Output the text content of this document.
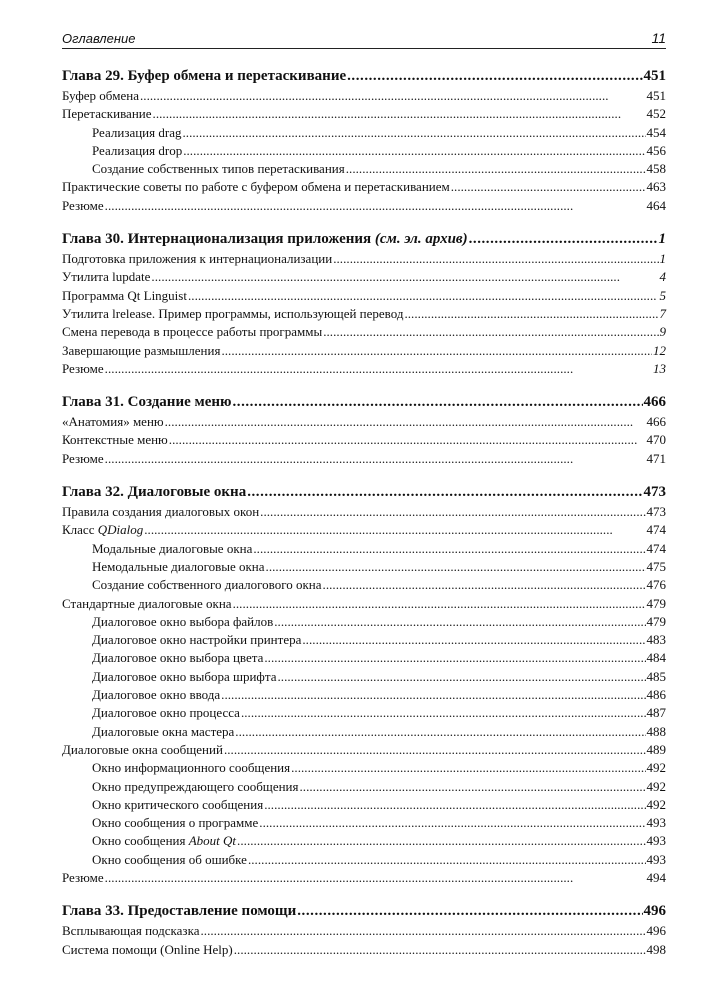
Оглавление	11
Глава 29. Буфер обмена и перетаскивание . . .	451
Буфер обмена . . .	451
Перетаскивание . . .	452
Реализация drag . . .	454
Реализация drop . . .	456
Создание собственных типов перетаскивания . . .	458
Практические советы по работе с буфером обмена и перетаскиванием . . .	463
Резюме . . .	464
Глава 30. Интернационализация приложения (см. эл. архив) . . .	1
Подготовка приложения к интернационализации . . .	1
Утилита lupdate . . .	4
Программа Qt Linguist . . .	5
Утилита lrelease. Пример программы, использующей перевод . . .	7
Смена перевода в процессе работы программы . . .	9
Завершающие размышления . . .	12
Резюме . . .	13
Глава 31. Создание меню . . .	466
«Анатомия» меню . . .	466
Контекстные меню . . .	470
Резюме . . .	471
Глава 32. Диалоговые окна . . .	473
Правила создания диалоговых окон . . .	473
Класс QDialog . . .	474
Модальные диалоговые окна . . .	474
Немодальные диалоговые окна . . .	475
Создание собственного диалогового окна . . .	476
Стандартные диалоговые окна . . .	479
Диалоговое окно выбора файлов . . .	479
Диалоговое окно настройки принтера . . .	483
Диалоговое окно выбора цвета . . .	484
Диалоговое окно выбора шрифта . . .	485
Диалоговое окно ввода . . .	486
Диалоговое окно процесса . . .	487
Диалоговые окна мастера . . .	488
Диалоговые окна сообщений . . .	489
Окно информационного сообщения . . .	492
Окно предупреждающего сообщения . . .	492
Окно критического сообщения . . .	492
Окно сообщения о программе . . .	493
Окно сообщения About Qt . . .	493
Окно сообщения об ошибке . . .	493
Резюме . . .	494
Глава 33. Предоставление помощи . . .	496
Всплывающая подсказка . . .	496
Система помощи (Online Help) . . .	498
